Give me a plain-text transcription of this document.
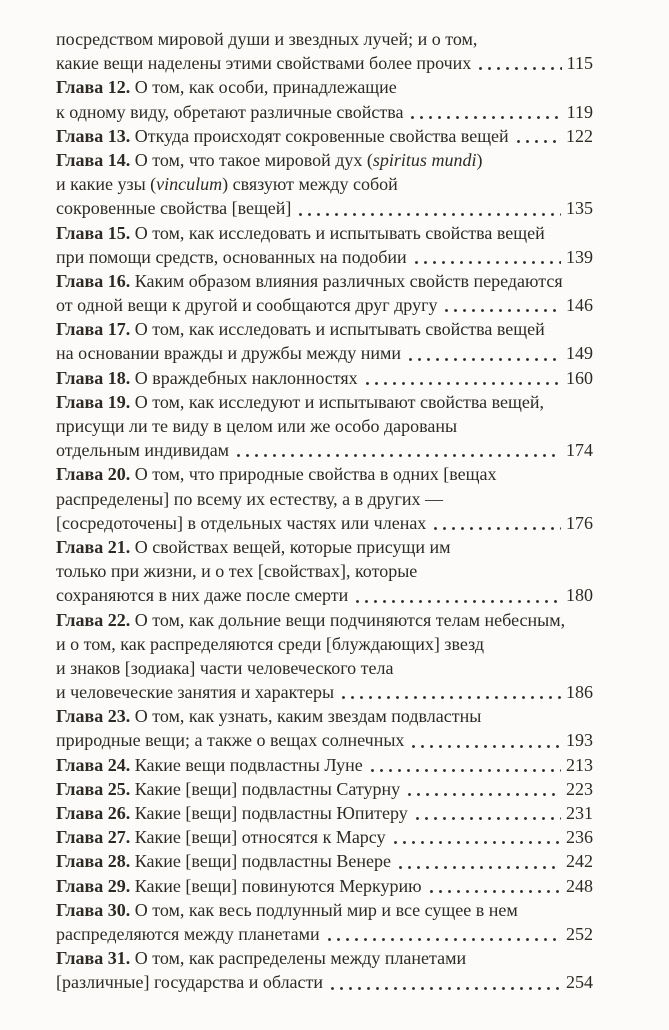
посредством мировой души и звездных лучей; и о том,
какие вещи наделены этими свойствами более прочих	115
Глава 12. О том, как особи, принадлежащие
к одному виду, обретают различные свойства	119
Глава 13. Откуда происходят сокровенные свойства вещей	122
Глава 14. О том, что такое мировой дух (spiritus mundi)
и какие узы (vinculum) связуют между собой
сокровенные свойства [вещей]	135
Глава 15. О том, как исследовать и испытывать свойства вещей
при помощи средств, основанных на подобии	139
Глава 16. Каким образом влияния различных свойств передаются
от одной вещи к другой и сообщаются друг другу	146
Глава 17. О том, как исследовать и испытывать свойства вещей
на основании вражды и дружбы между ними	149
Глава 18. О враждебных наклонностях	160
Глава 19. О том, как исследуют и испытывают свойства вещей,
присущи ли те виду в целом или же особо дарованы
отдельным индивидам	174
Глава 20. О том, что природные свойства в одних [вещах
распределены] по всему их естеству, а в других —
[сосредоточены] в отдельных частях или членах	176
Глава 21. О свойствах вещей, которые присущи им
только при жизни, и о тех [свойствах], которые
сохраняются в них даже после смерти	180
Глава 22. О том, как дольние вещи подчиняются телам небесным,
и о том, как распределяются среди [блуждающих] звезд
и знаков [зодиака] части человеческого тела
и человеческие занятия и характеры	186
Глава 23. О том, как узнать, каким звездам подвластны
природные вещи; а также о вещах солнечных	193
Глава 24. Какие вещи подвластны Луне	213
Глава 25. Какие [вещи] подвластны Сатурну	223
Глава 26. Какие [вещи] подвластны Юпитеру	231
Глава 27. Какие [вещи] относятся к Марсу	236
Глава 28. Какие [вещи] подвластны Венере	242
Глава 29. Какие [вещи] повинуются Меркурию	248
Глава 30. О том, как весь подлунный мир и все сущее в нем
распределяются между планетами	252
Глава 31. О том, как распределены между планетами
[различные] государства и области	254
